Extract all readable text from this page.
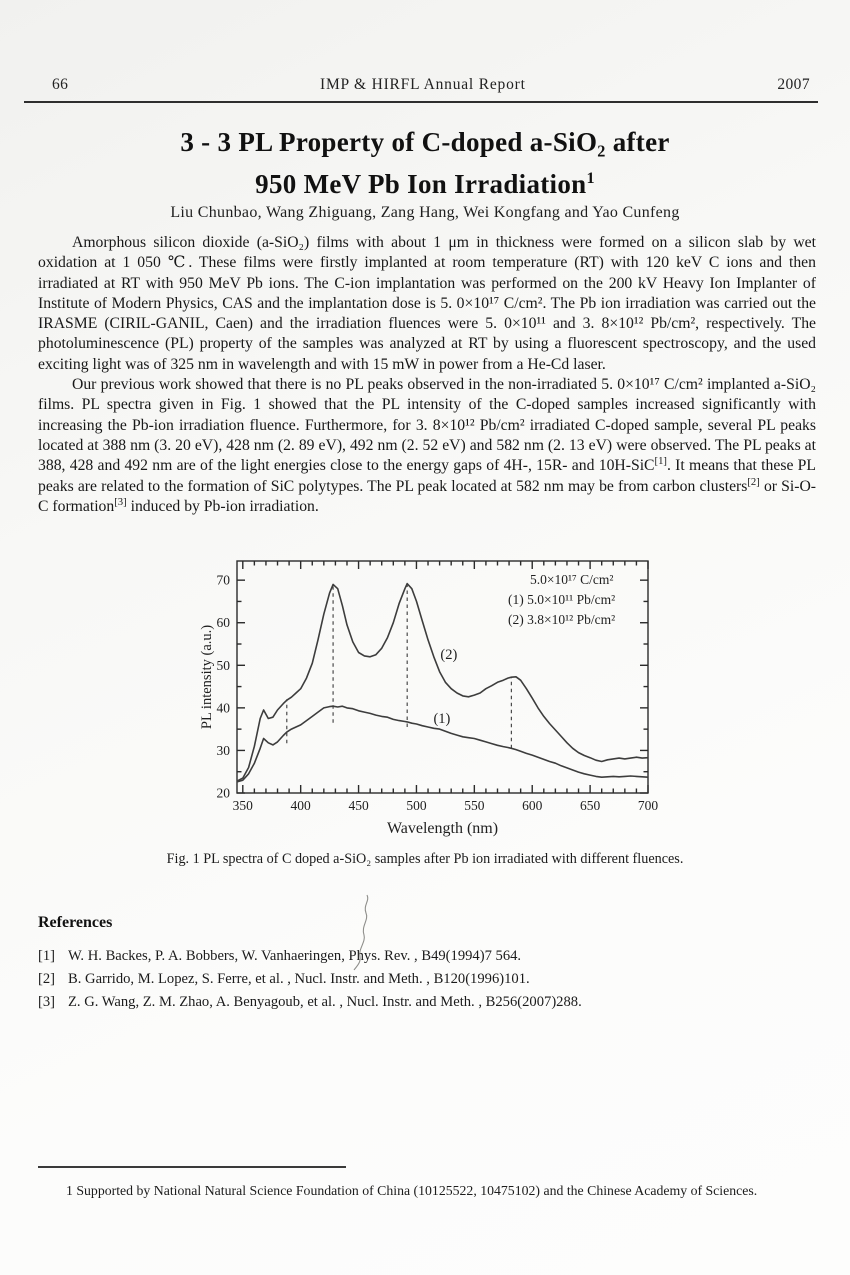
66	IMP & HIRFL Annual Report	2007
3 - 3 PL Property of C-doped a-SiO₂ after
950 MeV Pb Ion Irradiation$^1$
Liu Chunbao, Wang Zhiguang, Zang Hang, Wei Kongfang and Yao Cunfeng

Amorphous silicon dioxide (a-SiO₂) films with about 1 μm in thickness were formed on a silicon slab by wet oxidation at 1 050 ℃. These films were firstly implanted at room temperature (RT) with 120 keV C ions and then irradiated at RT with 950 MeV Pb ions. The C-ion implantation was performed on the 200 kV Heavy Ion Implanter of Institute of Modern Physics, CAS and the implantation dose is 5. 0×10¹⁷ C/cm². The Pb ion irradiation was carried out the IRASME (CIRIL-GANIL, Caen) and the irradiation fluences were 5. 0×10¹¹ and 3. 8×10¹² Pb/cm², respectively. The photoluminescence (PL) property of the samples was analyzed at RT by using a fluorescent spectroscopy, and the used exciting light was of 325 nm in wavelength and with 15 mW in power from a He-Cd laser.

Our previous work showed that there is no PL peaks observed in the non-irradiated 5. 0×10¹⁷ C/cm² implanted a-SiO₂ films. PL spectra given in Fig. 1 showed that the PL intensity of the C-doped samples increased significantly with increasing the Pb-ion irradiation fluence. Furthermore, for 3. 8×10¹² Pb/cm² irradiated C-doped sample, several PL peaks located at 388 nm (3. 20 eV), 428 nm (2. 89 eV), 492 nm (2. 52 eV) and 582 nm (2. 13 eV) were observed. The PL peaks at 388, 428 and 492 nm are of the light energies close to the energy gaps of 4H-, 15R- and 10H-SiC[1]. It means that these PL peaks are related to the formation of SiC polytypes. The PL peak located at 582 nm may be from carbon clusters[2] or Si-O-C formation[3] induced by Pb-ion irradiation.

350	400	450	500	550	600	650	700
20
30
40
50
60
70
Wavelength (nm)
PL intensity (a.u.)	(1)
(2)
5.0×10¹⁷ C/cm²
(1) 5.0×10¹¹ Pb/cm²
(2) 3.8×10¹² Pb/cm²
Fig. 1 PL spectra of C doped a-SiO₂ samples after Pb ion irradiated with different fluences.
References
[1] W. H. Backes, P. A. Bobbers, W. Vanhaeringen, Phys. Rev. , B49(1994)7 564.
[2] B. Garrido, M. Lopez, S. Ferre, et al. , Nucl. Instr. and Meth. , B120(1996)101.
[3] Z. G. Wang, Z. M. Zhao, A. Benyagoub, et al. , Nucl. Instr. and Meth. , B256(2007)288.
1 Supported by National Natural Science Foundation of China (10125522, 10475102) and the Chinese Academy of Sciences.
